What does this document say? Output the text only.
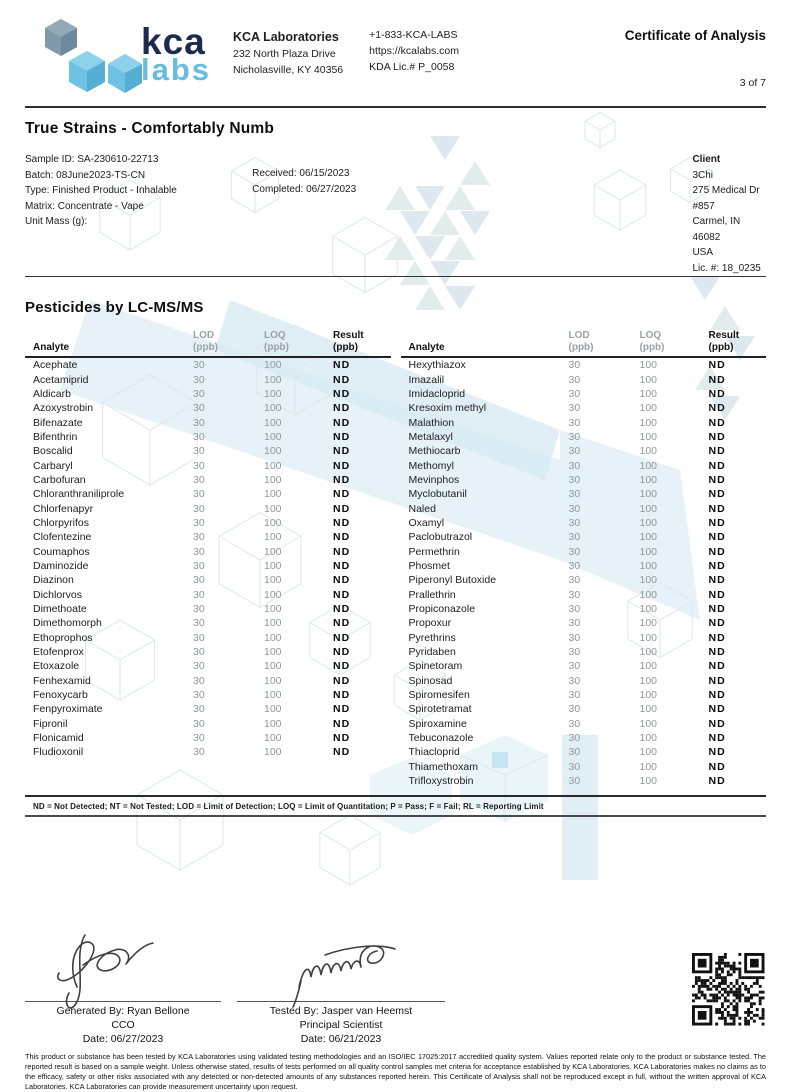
kca
labs
KCA Laboratories
232 North Plaza Drive
Nicholasville, KY 40356
+1-833-KCA-LABS
https://kcalabs.com
KDA Lic.# P_0058
Certificate of Analysis
3 of 7
True Strains - Comfortably Numb
Sample ID: SA-230610-22713
Batch: 08June2023-TS-CN
Type: Finished Product - Inhalable
Matrix: Concentrate - Vape
Unit Mass (g):
Received: 06/15/2023
Completed: 06/27/2023
Client
3Chi
275 Medical Dr #857
Carmel, IN 46082
USA
Lic. #: 18_0235
Pesticides by LC-MS/MS
Analyte
LOD
(ppb)
LOQ
(ppb)
Result
(ppb)
Acephate	30	100	ND
Acetamiprid	30	100	ND
Aldicarb	30	100	ND
Azoxystrobin	30	100	ND
Bifenazate	30	100	ND
Bifenthrin	30	100	ND
Boscalid	30	100	ND
Carbaryl	30	100	ND
Carbofuran	30	100	ND
Chloranthraniliprole	30	100	ND
Chlorfenapyr	30	100	ND
Chlorpyrifos	30	100	ND
Clofentezine	30	100	ND
Coumaphos	30	100	ND
Daminozide	30	100	ND
Diazinon	30	100	ND
Dichlorvos	30	100	ND
Dimethoate	30	100	ND
Dimethomorph	30	100	ND
Ethoprophos	30	100	ND
Etofenprox	30	100	ND
Etoxazole	30	100	ND
Fenhexamid	30	100	ND
Fenoxycarb	30	100	ND
Fenpyroximate	30	100	ND
Fipronil	30	100	ND
Flonicamid	30	100	ND
Fludioxonil	30	100	ND
Analyte
LOD
(ppb)
LOQ
(ppb)
Result
(ppb)
Hexythiazox	30	100	ND
Imazalil	30	100	ND
Imidacloprid	30	100	ND
Kresoxim methyl	30	100	ND
Malathion	30	100	ND
Metalaxyl	30	100	ND
Methiocarb	30	100	ND
Methomyl	30	100	ND
Mevinphos	30	100	ND
Myclobutanil	30	100	ND
Naled	30	100	ND
Oxamyl	30	100	ND
Paclobutrazol	30	100	ND
Permethrin	30	100	ND
Phosmet	30	100	ND
Piperonyl Butoxide	30	100	ND
Prallethrin	30	100	ND
Propiconazole	30	100	ND
Propoxur	30	100	ND
Pyrethrins	30	100	ND
Pyridaben	30	100	ND
Spinetoram	30	100	ND
Spinosad	30	100	ND
Spiromesifen	30	100	ND
Spirotetramat	30	100	ND
Spiroxamine	30	100	ND
Tebuconazole	30	100	ND
Thiacloprid	30	100	ND
Thiamethoxam	30	100	ND
Trifloxystrobin	30	100	ND
ND = Not Detected; NT = Not Tested; LOD = Limit of Detection; LOQ = Limit of Quantitation; P = Pass; F = Fail; RL = Reporting Limit
Generated By: Ryan Bellone
CCO
Date: 06/27/2023
Tested By: Jasper van Heemst
Principal Scientist
Date: 06/21/2023
This product or substance has been tested by KCA Laboratories using validated testing methodologies and an ISO/IEC 17025:2017 accredited quality system. Values reported relate only to the product or substance tested. The reported result is based on a sample weight. Unless otherwise stated, results of tests performed on all quality control samples met criteria for acceptance established by KCA Laboratories. KCA Laboratories makes no claims as to the efficacy, safety or other risks associated with any detected or non-detected amounts of any substances reported herein. This Certificate of Analysis shall not be reproduced except in full, without the written approval of KCA Laboratories. KCA Laboratories can provide measurement uncertainty upon request.
